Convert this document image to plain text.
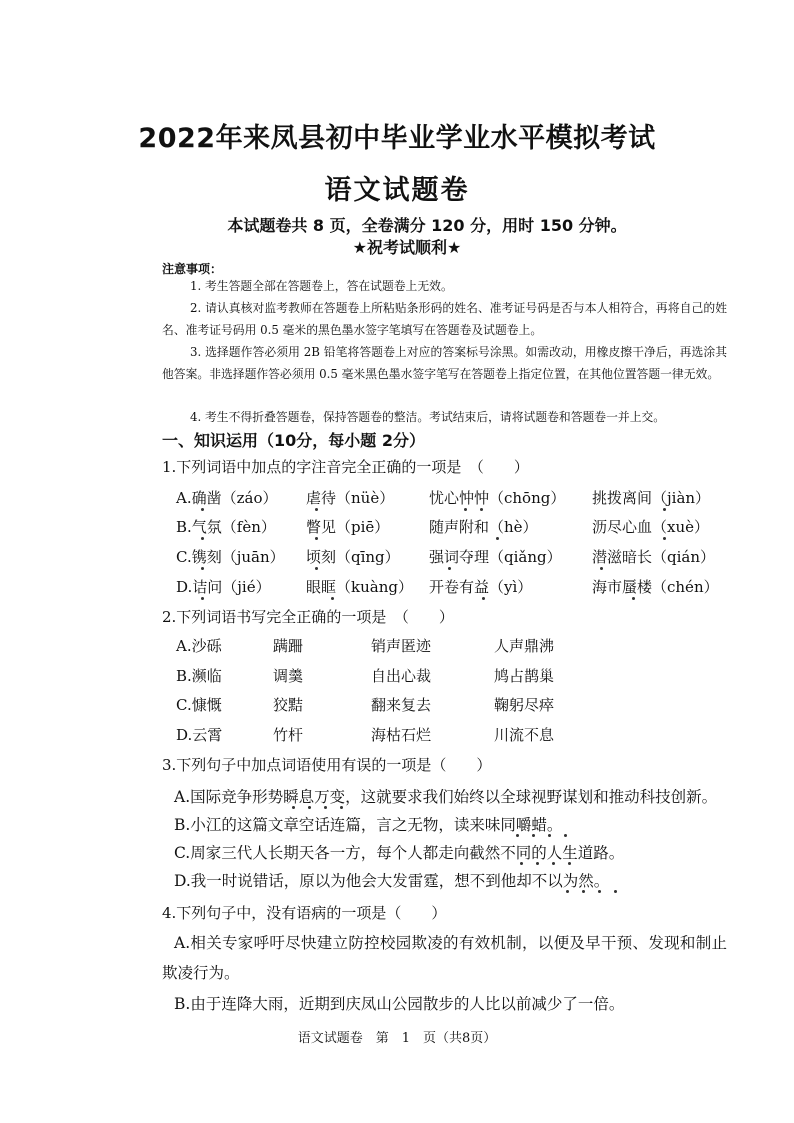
2022年来凤县初中毕业学业水平模拟考试
语文试题卷
本试题卷共 8 页，全卷满分 120 分，用时 150 分钟。
★祝考试顺利★
注意事项：
1. 考生答题全部在答题卷上，答在试题卷上无效。
2. 请认真核对监考教师在答题卷上所粘贴条形码的姓名、准考证号码是否与本人相符合，再将自己的姓名、准考证号码用 0.5 毫米的黑色墨水签字笔填写在答题卷及试题卷上。
3. 选择题作答必须用 2B 铅笔将答题卷上对应的答案标号涂黑。如需改动，用橡皮擦干净后，再选涂其他答案。非选择题作答必须用 0.5 毫米黑色墨水签字笔写在答题卷上指定位置，在其他位置答题一律无效。
4. 考生不得折叠答题卷，保持答题卷的整洁。考试结束后，请将试题卷和答题卷一并上交。
一、知识运用（10分，每小题 2分）
1.下列词语中加点的字注音完全正确的一项是　（　　）
A.确凿（záo） 虐待（nüè） 忧心忡忡（chōng） 挑拨离间（jiàn）
B.气氛（fèn） 瞥见（piē）	随声附和（hè）	沥尽心血（xuè）
C.镌刻（juān） 顷刻（qīng） 强词夺理（qiǎng） 潜滋暗长（qián）
D.诘问（jié） 眼眶（kuàng） 开卷有益（yì）	海市蜃楼（chén）
2.下列词语书写完全正确的一项是　（　　）
A.沙砾	蹒跚	销声匿迹	人声鼎沸
B.濒临	调羹	自出心裁	鸠占鹊巢
C.慷慨	狡黠	翻来复去	鞠躬尽瘁
D.云霄	竹杆	海枯石烂	川流不息
3.下列句子中加点词语使用有误的一项是（　　）
A.国际竞争形势瞬息万变，这就要求我们始终以全球视野谋划和推动科技创新。
B.小江的这篇文章空话连篇，言之无物，读来味同嚼蜡。
C.周家三代人长期天各一方，每个人都走向截然不同的人生道路。
D.我一时说错话，原以为他会大发雷霆，想不到他却不以为然。
4.下列句子中，没有语病的一项是（　　）
A.相关专家呼吁尽快建立防控校园欺凌的有效机制，以便及早干预、发现和制止欺凌行为。
B.由于连降大雨，近期到庆凤山公园散步的人比以前减少了一倍。
语文试题卷　第　1　页（共8页）
